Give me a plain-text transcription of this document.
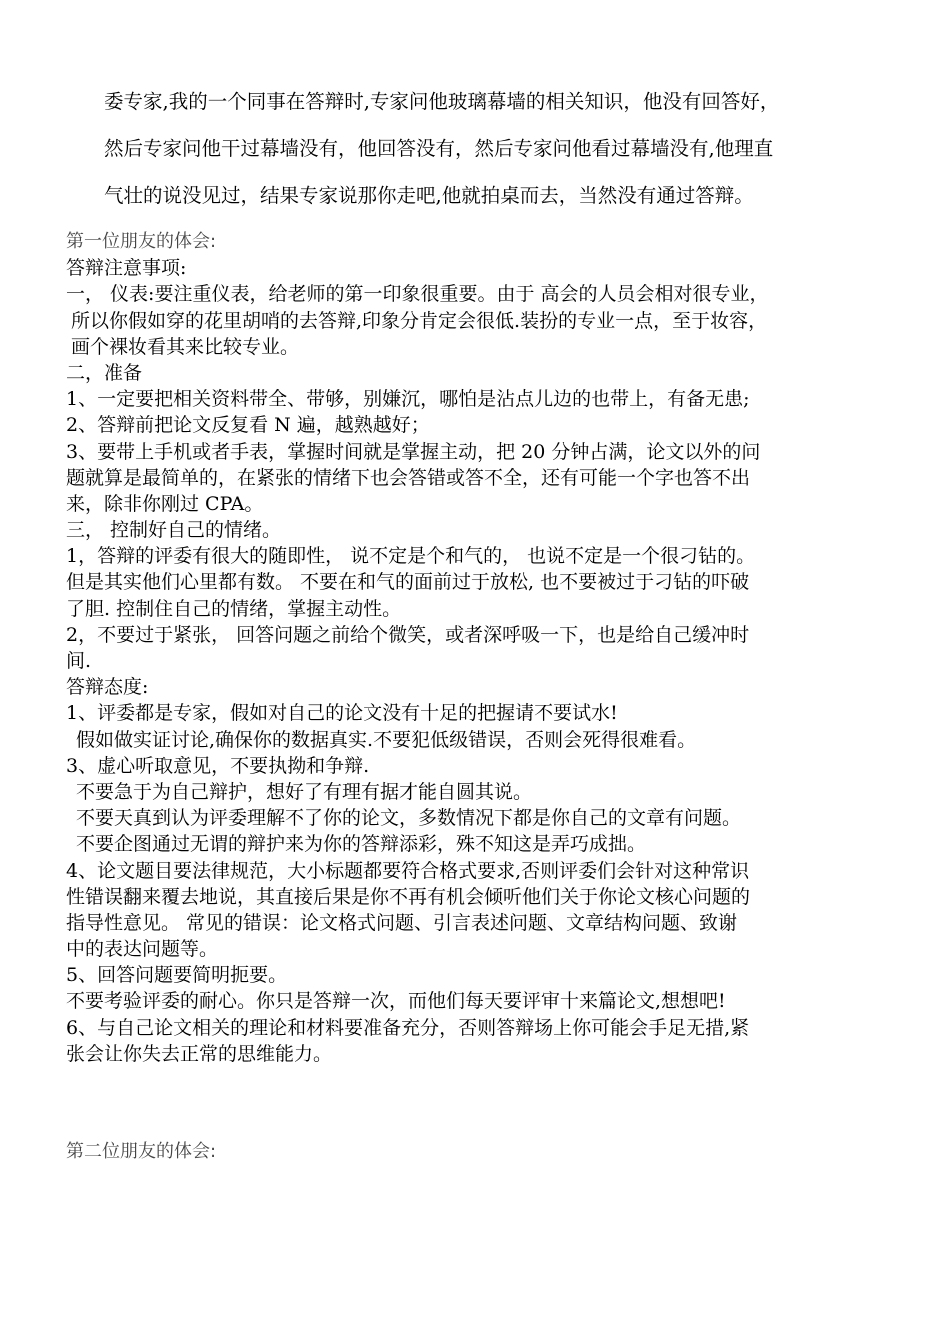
委专家,我的一个同事在答辩时,专家问他玻璃幕墙的相关知识，他没有回答好，

然后专家问他干过幕墙没有，他回答没有，然后专家问他看过幕墙没有,他理直

气壮的说没见过，结果专家说那你走吧,他就拍桌而去，当然没有通过答辩。

第一位朋友的体会:
答辩注意事项:
一， 仪表:要注重仪表，给老师的第一印象很重要。由于 高会的人员会相对很专业，
所以你假如穿的花里胡哨的去答辩,印象分肯定会很低.装扮的专业一点，至于妆容，
画个裸妆看其来比较专业。
二，准备
1、一定要把相关资料带全、带够，别嫌沉，哪怕是沾点儿边的也带上，有备无患;
2、答辩前把论文反复看 N 遍，越熟越好；
3、要带上手机或者手表，掌握时间就是掌握主动，把 20 分钟占满，论文以外的问
题就算是最简单的，在紧张的情绪下也会答错或答不全，还有可能一个字也答不出
来，除非你刚过 CPA。
三， 控制好自己的情绪。
1，答辩的评委有很大的随即性， 说不定是个和气的， 也说不定是一个很刁钻的。
但是其实他们心里都有数。 不要在和气的面前过于放松, 也不要被过于刁钻的吓破
了胆. 控制住自己的情绪，掌握主动性。
2，不要过于紧张， 回答问题之前给个微笑，或者深呼吸一下，也是给自己缓冲时
间.
答辩态度:
1、评委都是专家，假如对自己的论文没有十足的把握请不要试水!
假如做实证讨论,确保你的数据真实.不要犯低级错误，否则会死得很难看。
3、虚心听取意见，不要执拗和争辩.
不要急于为自己辩护，想好了有理有据才能自圆其说。
不要天真到认为评委理解不了你的论文，多数情况下都是你自己的文章有问题。
不要企图通过无谓的辩护来为你的答辩添彩，殊不知这是弄巧成拙。
4、论文题目要法律规范，大小标题都要符合格式要求,否则评委们会针对这种常识
性错误翻来覆去地说，其直接后果是你不再有机会倾听他们关于你论文核心问题的
指导性意见。 常见的错误：论文格式问题、引言表述问题、文章结构问题、致谢
中的表达问题等。
5、回答问题要简明扼要。
不要考验评委的耐心。你只是答辩一次，而他们每天要评审十来篇论文,想想吧!
6、与自己论文相关的理论和材料要准备充分，否则答辩场上你可能会手足无措,紧
张会让你失去正常的思维能力。
第二位朋友的体会:
